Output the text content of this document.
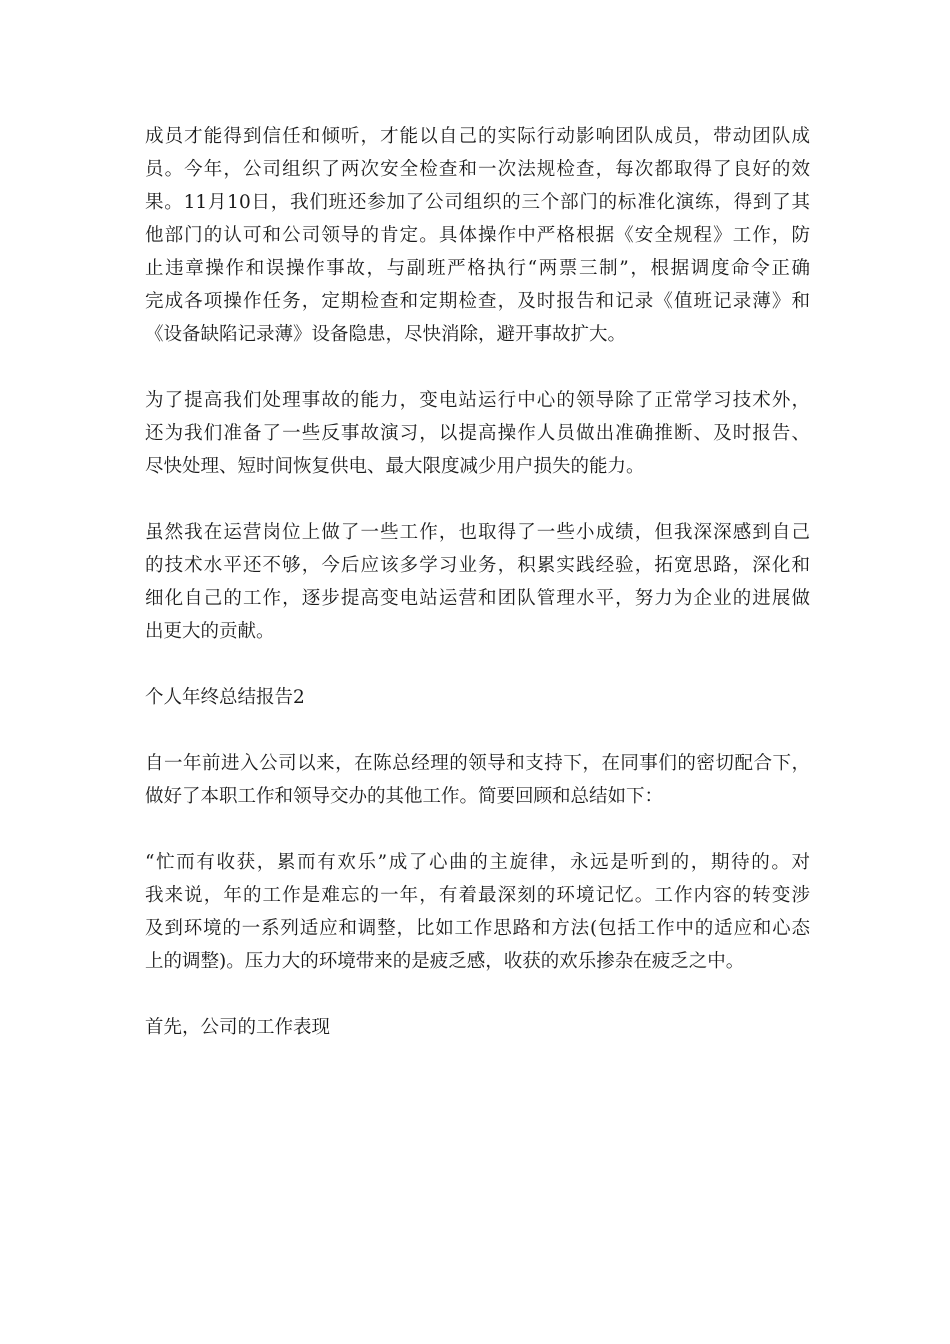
成员才能得到信任和倾听，才能以自己的实际行动影响团队成员，带动团队成
员。今年，公司组织了两次安全检查和一次法规检查，每次都取得了良好的效
果。11月10日，我们班还参加了公司组织的三个部门的标准化演练，得到了其
他部门的认可和公司领导的肯定。具体操作中严格根据《安全规程》工作，防
止违章操作和误操作事故，与副班严格执行“两票三制”，根据调度命令正确
完成各项操作任务，定期检查和定期检查，及时报告和记录《值班记录薄》和
《设备缺陷记录薄》设备隐患，尽快消除，避开事故扩大。

为了提高我们处理事故的能力，变电站运行中心的领导除了正常学习技术外，
还为我们准备了一些反事故演习，以提高操作人员做出准确推断、及时报告、
尽快处理、短时间恢复供电、最大限度减少用户损失的能力。

虽然我在运营岗位上做了一些工作，也取得了一些小成绩，但我深深感到自己
的技术水平还不够，今后应该多学习业务，积累实践经验，拓宽思路，深化和
细化自己的工作，逐步提高变电站运营和团队管理水平，努力为企业的进展做
出更大的贡献。

个人年终总结报告2

自一年前进入公司以来，在陈总经理的领导和支持下，在同事们的密切配合下，
做好了本职工作和领导交办的其他工作。简要回顾和总结如下：

“忙而有收获，累而有欢乐”成了心曲的主旋律，永远是听到的，期待的。对
我来说，年的工作是难忘的一年，有着最深刻的环境记忆。工作内容的转变涉
及到环境的一系列适应和调整，比如工作思路和方法(包括工作中的适应和心态
上的调整)。压力大的环境带来的是疲乏感，收获的欢乐掺杂在疲乏之中。

首先，公司的工作表现
